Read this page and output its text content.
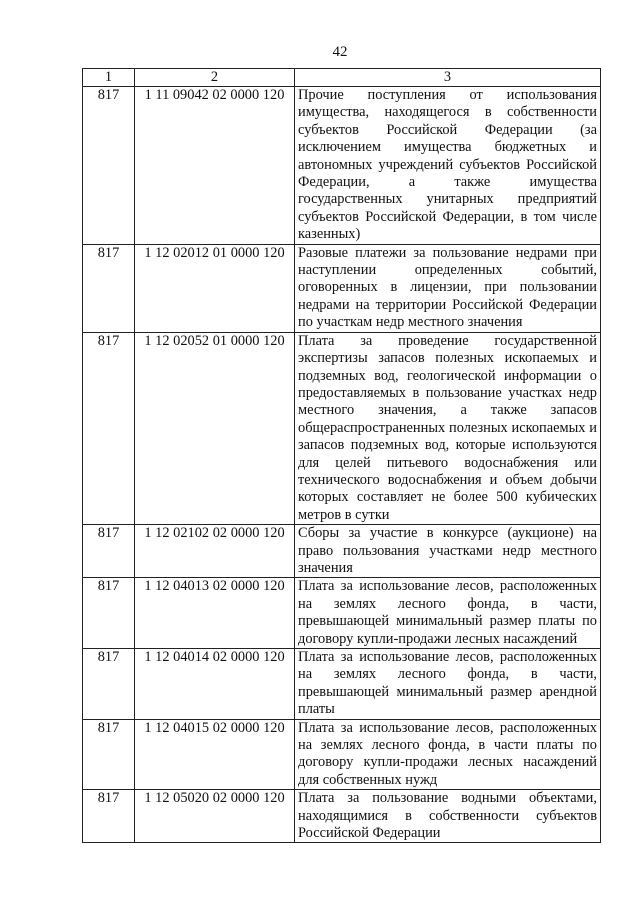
42
1	2	3
817	1 11 09042 02 0000 120	Прочие поступления от использования имущества, находящегося в собственности субъектов Российской Федерации (за исключением имущества бюджетных и автономных учреждений субъектов Российской Федерации, а также имущества государственных унитарных предприятий субъектов Российской Федерации, в том числе казенных)
817	1 12 02012 01 0000 120	Разовые платежи за пользование недрами при наступлении определенных событий, оговоренных в лицензии, при пользовании недрами на территории Российской Федерации по участкам недр местного значения
817	1 12 02052 01 0000 120	Плата за проведение государственной экспертизы запасов полезных ископаемых и подземных вод, геологической информации о предоставляемых в пользование участках недр местного значения, а также запасов общераспространенных полезных ископаемых и запасов подземных вод, которые используются для целей питьевого водоснабжения или технического водоснабжения и объем добычи которых составляет не более 500 кубических метров в сутки
817	1 12 02102 02 0000 120	Сборы за участие в конкурсе (аукционе) на право пользования участками недр местного значения
817	1 12 04013 02 0000 120	Плата за использование лесов, расположенных на землях лесного фонда, в части, превышающей минимальный размер платы по договору купли-продажи лесных насаждений
817	1 12 04014 02 0000 120	Плата за использование лесов, расположенных на землях лесного фонда, в части, превышающей минимальный размер арендной платы
817	1 12 04015 02 0000 120	Плата за использование лесов, расположенных на землях лесного фонда, в части платы по договору купли-продажи лесных насаждений для собственных нужд
817	1 12 05020 02 0000 120	Плата за пользование водными объектами, находящимися в собственности субъектов Российской Федерации
